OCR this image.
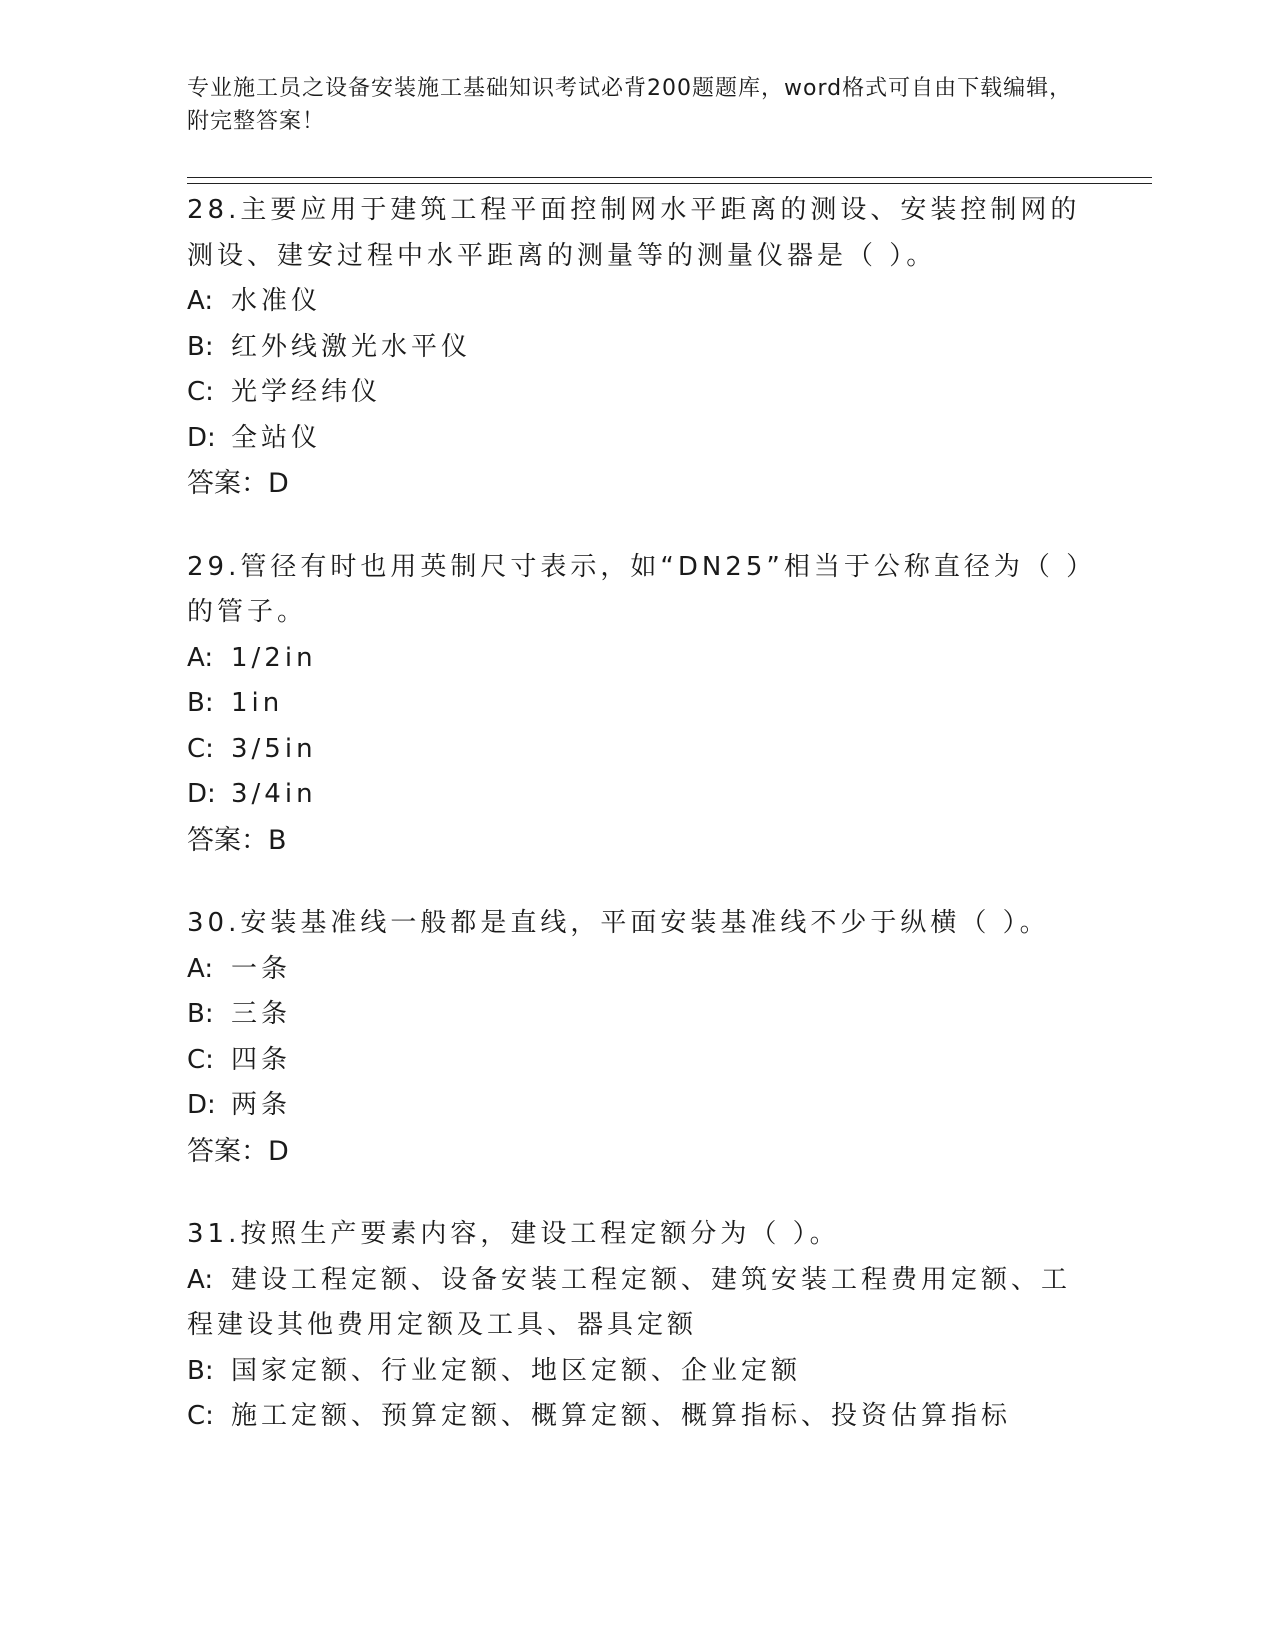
专业施工员之设备安装施工基础知识考试必背200题题库，word格式可自由下载编辑，附完整答案！

28.主要应用于建筑工程平面控制网水平距离的测设、安装控制网的测设、建安过程中水平距离的测量等的测量仪器是（ ）。

A: 水准仪

B: 红外线激光水平仪

C: 光学经纬仪

D: 全站仪

答案：D

29.管径有时也用英制尺寸表示，如“DN25”相当于公称直径为（ ）的管子。

A: 1/2in

B: 1in

C: 3/5in

D: 3/4in

答案：B

30.安装基准线一般都是直线，平面安装基准线不少于纵横（ ）。

A: 一条

B: 三条

C: 四条

D: 两条

答案：D

31.按照生产要素内容，建设工程定额分为（ ）。

A: 建设工程定额、设备安装工程定额、建筑安装工程费用定额、工程建设其他费用定额及工具、器具定额

B: 国家定额、行业定额、地区定额、企业定额

C: 施工定额、预算定额、概算定额、概算指标、投资估算指标
